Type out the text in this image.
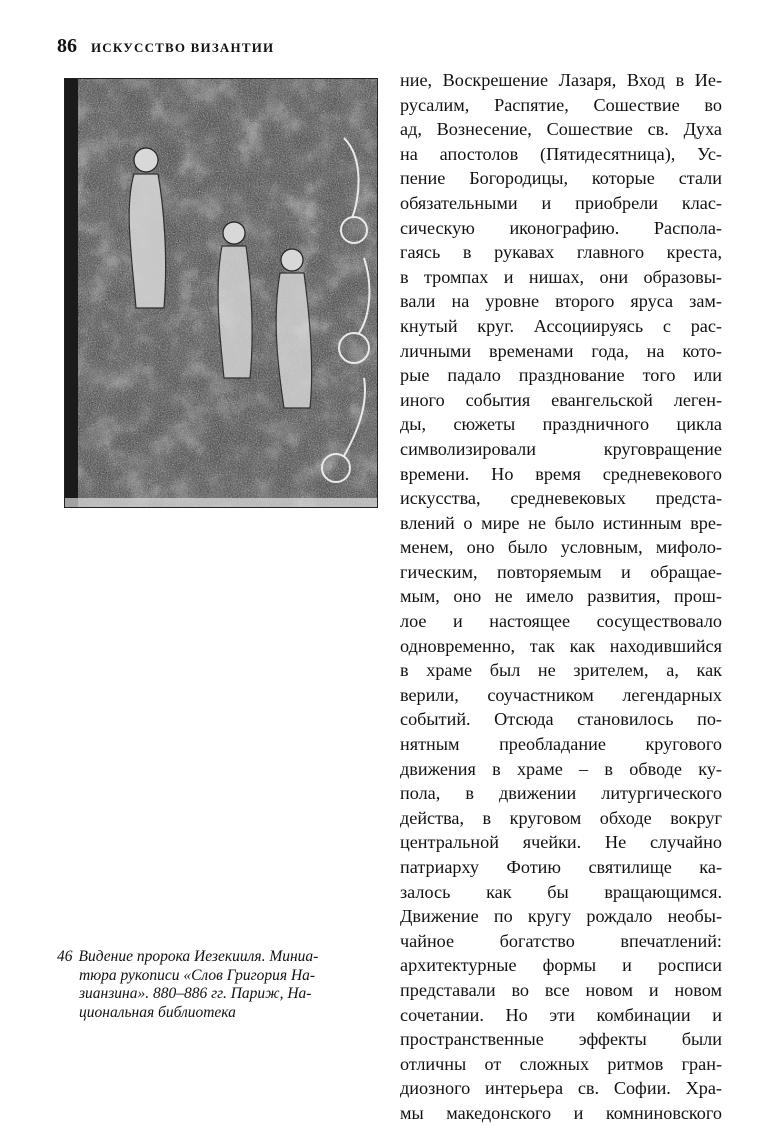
86 ИСКУССТВО ВИЗАНТИИ
ние, Воскрешение Лазаря, Вход в Ие-
русалим, Распятие, Сошествие во
ад, Вознесение, Сошествие св. Духа
на апостолов (Пятидесятница), Ус-
пение Богородицы, которые стали
обязательными и приобрели клас-
сическую иконографию. Распола-
гаясь в рукавах главного креста,
в тромпах и нишах, они образовы-
вали на уровне второго яруса зам-
кнутый круг. Ассоциируясь с рас-
личными временами года, на кото-
рые падало празднование того или
иного события евангельской леген-
ды, сюжеты праздничного цикла
символизировали круговращение
времени. Но время средневекового
искусства, средневековых предста-
влений о мире не было истинным вре-
менем, оно было условным, мифоло-
гическим, повторяемым и обращае-
мым, оно не имело развития, прош-
лое и настоящее сосуществовало
одновременно, так как находившийся
в храме был не зрителем, а, как
верили, соучастником легендарных
событий. Отсюда становилось по-
нятным преобладание кругового
движения в храме – в обводе ку-
пола, в движении литургического
действа, в круговом обходе вокруг
центральной ячейки. Не случайно
патриарху Фотию святилище ка-
залось как бы вращающимся.
Движение по кругу рождало необы-
чайное богатство впечатлений:
архитектурные формы и росписи
представали во все новом и новом
сочетании. Но эти комбинации и
пространственные эффекты были
отличны от сложных ритмов гран-
диозного интерьера св. Софии. Хра-
мы македонского и комниновского
46 Видение пророка Иезекииля. Миниа-
тюра рукописи «Слов Григория На-
зианзина». 880–886 гг. Париж, На-
циональная библиотека
